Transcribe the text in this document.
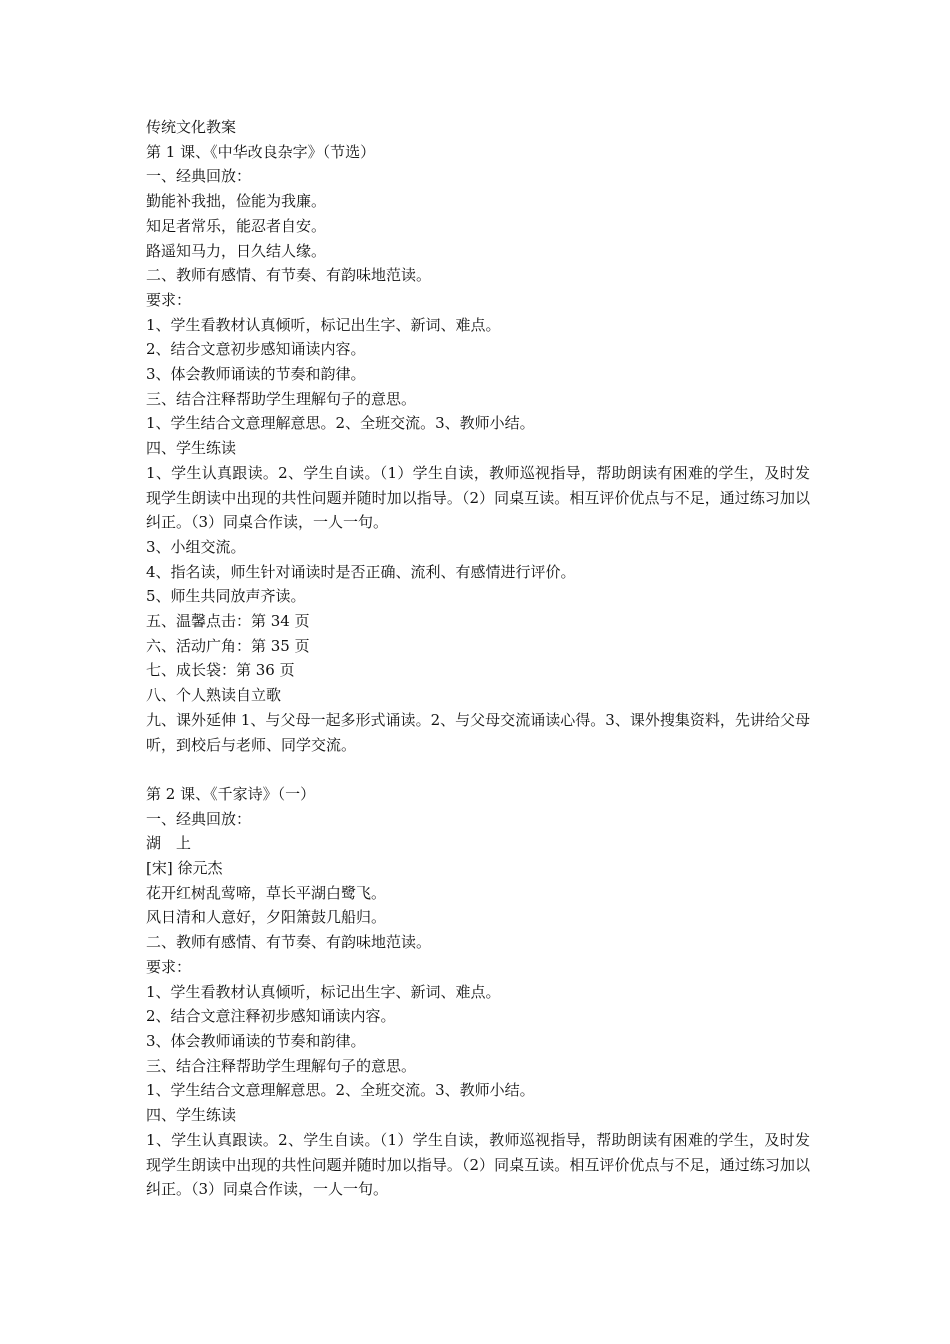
传统文化教案
第 1 课、《中华改良杂字》（节选）
一、经典回放：
勤能补我拙，俭能为我廉。
知足者常乐，能忍者自安。
路遥知马力，日久结人缘。
二、教师有感情、有节奏、有韵味地范读。
要求：
1、学生看教材认真倾听，标记出生字、新词、难点。
2、结合文意初步感知诵读内容。
3、体会教师诵读的节奏和韵律。
三、结合注释帮助学生理解句子的意思。
1、学生结合文意理解意思。2、全班交流。3、教师小结。
四、学生练读
1、学生认真跟读。2、学生自读。（1）学生自读，教师巡视指导，帮助朗读有困难的学生，及时发现学生朗读中出现的共性问题并随时加以指导。（2）同桌互读。相互评价优点与不足，通过练习加以纠正。（3）同桌合作读，一人一句。
3、小组交流。
4、指名读，师生针对诵读时是否正确、流利、有感情进行评价。
5、师生共同放声齐读。
五、温馨点击：第 34 页
六、活动广角：第 35 页
七、成长袋：第 36 页
八、个人熟读自立歌
九、课外延伸 1、与父母一起多形式诵读。2、与父母交流诵读心得。3、课外搜集资料，先讲给父母听，到校后与老师、同学交流。
第 2 课、《千家诗》（一）
一、经典回放：
湖　上
[宋] 徐元杰
花开红树乱莺啼，草长平湖白鹭飞。
风日清和人意好，夕阳箫鼓几船归。
二、教师有感情、有节奏、有韵味地范读。
要求：
1、学生看教材认真倾听，标记出生字、新词、难点。
2、结合文意注释初步感知诵读内容。
3、体会教师诵读的节奏和韵律。
三、结合注释帮助学生理解句子的意思。
1、学生结合文意理解意思。2、全班交流。3、教师小结。
四、学生练读
1、学生认真跟读。2、学生自读。（1）学生自读，教师巡视指导，帮助朗读有困难的学生，及时发现学生朗读中出现的共性问题并随时加以指导。（2）同桌互读。相互评价优点与不足，通过练习加以纠正。（3）同桌合作读，一人一句。
